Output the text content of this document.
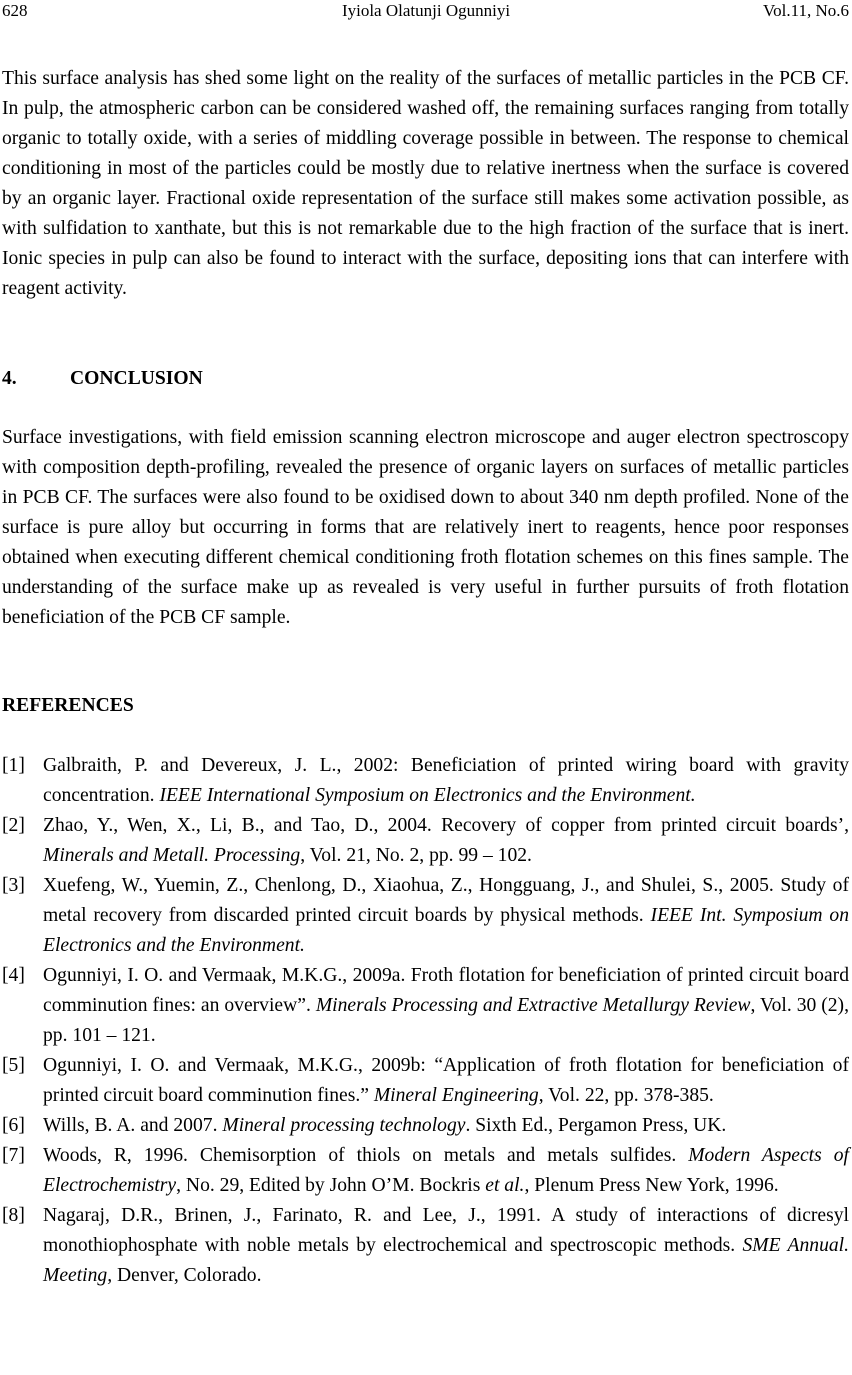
628	Iyiola Olatunji Ogunniyi	Vol.11, No.6

This surface analysis has shed some light on the reality of the surfaces of metallic particles in the PCB CF. In pulp, the atmospheric carbon can be considered washed off, the remaining surfaces ranging from totally organic to totally oxide, with a series of middling coverage possible in between. The response to chemical conditioning in most of the particles could be mostly due to relative inertness when the surface is covered by an organic layer. Fractional oxide representation of the surface still makes some activation possible, as with sulfidation to xanthate, but this is not remarkable due to the high fraction of the surface that is inert. Ionic species in pulp can also be found to interact with the surface, depositing ions that can interfere with reagent activity.

4.	CONCLUSION

Surface investigations, with field emission scanning electron microscope and auger electron spectroscopy with composition depth-profiling, revealed the presence of organic layers on surfaces of metallic particles in PCB CF. The surfaces were also found to be oxidised down to about 340 nm depth profiled. None of the surface is pure alloy but occurring in forms that are relatively inert to reagents, hence poor responses obtained when executing different chemical conditioning froth flotation schemes on this fines sample. The understanding of the surface make up as revealed is very useful in further pursuits of froth flotation beneficiation of the PCB CF sample.

REFERENCES

[1] Galbraith, P. and Devereux, J. L., 2002: Beneficiation of printed wiring board with gravity concentration. IEEE International Symposium on Electronics and the Environment.

[2] Zhao, Y., Wen, X., Li, B., and Tao, D., 2004. Recovery of copper from printed circuit boards’, Minerals and Metall. Processing, Vol. 21, No. 2, pp. 99 – 102.

[3] Xuefeng, W., Yuemin, Z., Chenlong, D., Xiaohua, Z., Hongguang, J., and Shulei, S., 2005. Study of metal recovery from discarded printed circuit boards by physical methods. IEEE Int. Symposium on Electronics and the Environment.

[4] Ogunniyi, I. O. and Vermaak, M.K.G., 2009a. Froth flotation for beneficiation of printed circuit board comminution fines: an overview”. Minerals Processing and Extractive Metallurgy Review, Vol. 30 (2), pp. 101 – 121.

[5] Ogunniyi, I. O. and Vermaak, M.K.G., 2009b: “Application of froth flotation for beneficiation of printed circuit board comminution fines.” Mineral Engineering, Vol. 22, pp. 378-385.

[6] Wills, B. A. and 2007. Mineral processing technology. Sixth Ed., Pergamon Press, UK.

[7] Woods, R, 1996. Chemisorption of thiols on metals and metals sulfides. Modern Aspects of Electrochemistry, No. 29, Edited by John O’M. Bockris et al., Plenum Press New York, 1996.

[8] Nagaraj, D.R., Brinen, J., Farinato, R. and Lee, J., 1991. A study of interactions of dicresyl monothiophosphate with noble metals by electrochemical and spectroscopic methods. SME Annual. Meeting, Denver, Colorado.
